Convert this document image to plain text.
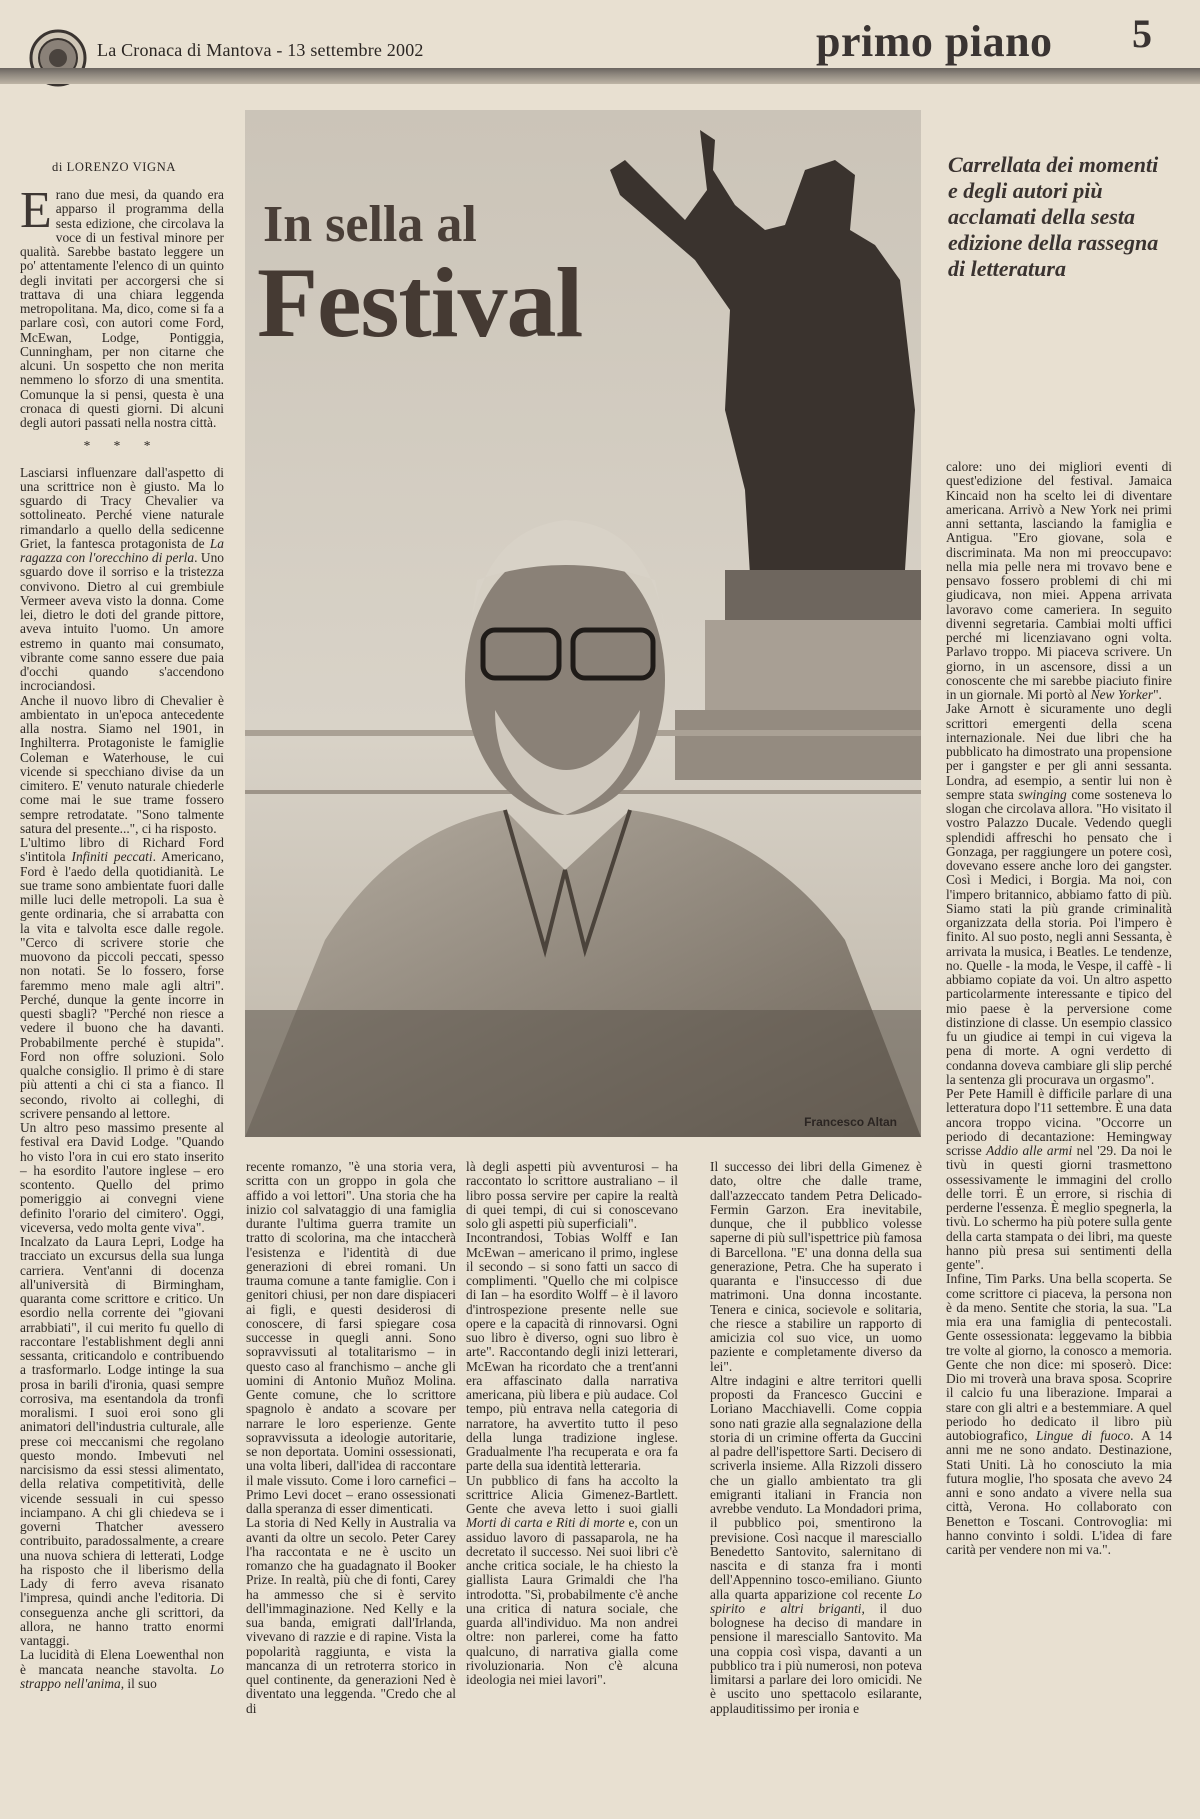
La Cronaca di Mantova - 13 settembre 2002	primo piano 5
di LORENZO VIGNA
In sella al
Festival
Francesco Altan
Carrellata dei momenti e degli autori più acclamati della sesta edizione della rassegna di letteratura

Erano due mesi, da quando era apparso il programma della sesta edizione, che circolava la voce di un festival minore per qualità. Sarebbe bastato leggere un po' attentamente l'elenco di un quinto degli invitati per accorgersi che si trattava di una chiara leggenda metropolitana. Ma, dico, come si fa a parlare così, con autori come Ford, McEwan, Lodge, Pontiggia, Cunningham, per non citarne che alcuni. Un sospetto che non merita nemmeno lo sforzo di una smentita. Comunque la si pensi, questa è una cronaca di questi giorni. Di alcuni degli autori passati nella nostra città.

* * *

Lasciarsi influenzare dall'aspetto di una scrittrice non è giusto. Ma lo sguardo di Tracy Chevalier va sottolineato. Perché viene naturale rimandarlo a quello della sedicenne Griet, la fantesca protagonista de La ragazza con l'orecchino di perla. Uno sguardo dove il sorriso e la tristezza convivono. Dietro al cui grembiule Vermeer aveva visto la donna. Come lei, dietro le doti del grande pittore, aveva intuito l'uomo. Un amore estremo in quanto mai consumato, vibrante come sanno essere due paia d'occhi quando s'accendono incrociandosi.

Anche il nuovo libro di Chevalier è ambientato in un'epoca antecedente alla nostra. Siamo nel 1901, in Inghilterra. Protagoniste le famiglie Coleman e Waterhouse, le cui vicende si specchiano divise da un cimitero. E' venuto naturale chiederle come mai le sue trame fossero sempre retrodatate. "Sono talmente satura del presente...", ci ha risposto.

L'ultimo libro di Richard Ford s'intitola Infiniti peccati. Americano, Ford è l'aedo della quotidianità. Le sue trame sono ambientate fuori dalle mille luci delle metropoli. La sua è gente ordinaria, che si arrabatta con la vita e talvolta esce dalle regole. "Cerco di scrivere storie che muovono da piccoli peccati, spesso non notati. Se lo fossero, forse faremmo meno male agli altri". Perché, dunque la gente incorre in questi sbagli? "Perché non riesce a vedere il buono che ha davanti. Probabilmente perché è stupida". Ford non offre soluzioni. Solo qualche consiglio. Il primo è di stare più attenti a chi ci sta a fianco. Il secondo, rivolto ai colleghi, di scrivere pensando al lettore.

Un altro peso massimo presente al festival era David Lodge. "Quando ho visto l'ora in cui ero stato inserito – ha esordito l'autore inglese – ero scontento. Quello del primo pomeriggio ai convegni viene definito l'orario del cimitero'. Oggi, viceversa, vedo molta gente viva".

Incalzato da Laura Lepri, Lodge ha tracciato un excursus della sua lunga carriera. Vent'anni di docenza all'università di Birmingham, quaranta come scrittore e critico. Un esordio nella corrente dei "giovani arrabbiati", il cui merito fu quello di raccontare l'establishment degli anni sessanta, criticandolo e contribuendo a trasformarlo. Lodge intinge la sua prosa in barili d'ironia, quasi sempre corrosiva, ma esentandola da tronfi moralismi. I suoi eroi sono gli animatori dell'industria culturale, alle prese coi meccanismi che regolano questo mondo. Imbevuti nel narcisismo da essi stessi alimentato, della relativa competitività, delle vicende sessuali in cui spesso inciampano. A chi gli chiedeva se i governi Thatcher avessero contribuito, paradossalmente, a creare una nuova schiera di letterati, Lodge ha risposto che il liberismo della Lady di ferro aveva risanato l'impresa, quindi anche l'editoria. Di conseguenza anche gli scrittori, da allora, ne hanno tratto enormi vantaggi.

La lucidità di Elena Loewenthal non è mancata neanche stavolta. Lo strappo nell'anima, il suo

recente romanzo, "è una storia vera, scritta con un groppo in gola che affido a voi lettori". Una storia che ha inizio col salvataggio di una famiglia durante l'ultima guerra tramite un tratto di scolorina, ma che intaccherà l'esistenza e l'identità di due generazioni di ebrei romani. Un trauma comune a tante famiglie. Con i genitori chiusi, per non dare dispiaceri ai figli, e questi desiderosi di conoscere, di farsi spiegare cosa successe in quegli anni. Sono sopravvissuti al totalitarismo – in questo caso al franchismo – anche gli uomini di Antonio Muñoz Molina. Gente comune, che lo scrittore spagnolo è andato a scovare per narrare le loro esperienze. Gente sopravvissuta a ideologie autoritarie, se non deportata. Uomini ossessionati, una volta liberi, dall'idea di raccontare il male vissuto. Come i loro carnefici – Primo Levi docet – erano ossessionati dalla speranza di esser dimenticati.

La storia di Ned Kelly in Australia va avanti da oltre un secolo. Peter Carey l'ha raccontata e ne è uscito un romanzo che ha guadagnato il Booker Prize. In realtà, più che di fonti, Carey ha ammesso che si è servito dell'immaginazione. Ned Kelly e la sua banda, emigrati dall'Irlanda, vivevano di razzie e di rapine. Vista la popolarità raggiunta, e vista la mancanza di un retroterra storico in quel continente, da generazioni Ned è diventato una leggenda. "Credo che al di

là degli aspetti più avventurosi – ha raccontato lo scrittore australiano – il libro possa servire per capire la realtà di quei tempi, di cui si conoscevano solo gli aspetti più superficiali".

Incontrandosi, Tobias Wolff e Ian McEwan – americano il primo, inglese il secondo – si sono fatti un sacco di complimenti. "Quello che mi colpisce di Ian – ha esordito Wolff – è il lavoro d'introspezione presente nelle sue opere e la capacità di rinnovarsi. Ogni suo libro è diverso, ogni suo libro è arte". Raccontando degli inizi letterari, McEwan ha ricordato che a trent'anni era affascinato dalla narrativa americana, più libera e più audace. Col tempo, più entrava nella categoria di narratore, ha avvertito tutto il peso della lunga tradizione inglese. Gradualmente l'ha recuperata e ora fa parte della sua identità letteraria.

Un pubblico di fans ha accolto la scrittrice Alicia Gimenez-Bartlett. Gente che aveva letto i suoi gialli Morti di carta e Riti di morte e, con un assiduo lavoro di passaparola, ne ha decretato il successo. Nei suoi libri c'è anche critica sociale, le ha chiesto la giallista Laura Grimaldi che l'ha introdotta. "Sì, probabilmente c'è anche una critica di natura sociale, che guarda all'individuo. Ma non andrei oltre: non parlerei, come ha fatto qualcuno, di narrativa gialla come rivoluzionaria. Non c'è alcuna ideologia nei miei lavori".

Il successo dei libri della Gimenez è dato, oltre che dalle trame, dall'azzeccato tandem Petra Delicado-Fermin Garzon. Era inevitabile, dunque, che il pubblico volesse saperne di più sull'ispettrice più famosa di Barcellona. "E' una donna della sua generazione, Petra. Che ha superato i quaranta e l'insuccesso di due matrimoni. Una donna incostante. Tenera e cinica, socievole e solitaria, che riesce a stabilire un rapporto di amicizia col suo vice, un uomo paziente e completamente diverso da lei".

Altre indagini e altre territori quelli proposti da Francesco Guccini e Loriano Macchiavelli. Come coppia sono nati grazie alla segnalazione della storia di un crimine offerta da Guccini al padre dell'ispettore Sarti. Decisero di scriverla insieme. Alla Rizzoli dissero che un giallo ambientato tra gli emigranti italiani in Francia non avrebbe venduto. La Mondadori prima, il pubblico poi, smentirono la previsione. Così nacque il maresciallo Benedetto Santovito, salernitano di nascita e di stanza fra i monti dell'Appennino tosco-emiliano. Giunto alla quarta apparizione col recente Lo spirito e altri briganti, il duo bolognese ha deciso di mandare in pensione il maresciallo Santovito. Ma una coppia così vispa, davanti a un pubblico tra i più numerosi, non poteva limitarsi a parlare dei loro omicidi. Ne è uscito uno spettacolo esilarante, applauditissimo per ironia e

calore: uno dei migliori eventi di quest'edizione del festival. Jamaica Kincaid non ha scelto lei di diventare americana. Arrivò a New York nei primi anni settanta, lasciando la famiglia e Antigua. "Ero giovane, sola e discriminata. Ma non mi preoccupavo: nella mia pelle nera mi trovavo bene e pensavo fossero problemi di chi mi giudicava, non miei. Appena arrivata lavoravo come cameriera. In seguito divenni segretaria. Cambiai molti uffici perché mi licenziavano ogni volta. Parlavo troppo. Mi piaceva scrivere. Un giorno, in un ascensore, dissi a un conoscente che mi sarebbe piaciuto finire in un giornale. Mi portò al New Yorker".

Jake Arnott è sicuramente uno degli scrittori emergenti della scena internazionale. Nei due libri che ha pubblicato ha dimostrato una propensione per i gangster e per gli anni sessanta. Londra, ad esempio, a sentir lui non è sempre stata swinging come sosteneva lo slogan che circolava allora. "Ho visitato il vostro Palazzo Ducale. Vedendo quegli splendidi affreschi ho pensato che i Gonzaga, per raggiungere un potere così, dovevano essere anche loro dei gangster. Così i Medici, i Borgia. Ma noi, con l'impero britannico, abbiamo fatto di più. Siamo stati la più grande criminalità organizzata della storia. Poi l'impero è finito. Al suo posto, negli anni Sessanta, è arrivata la musica, i Beatles. Le tendenze, no. Quelle - la moda, le Vespe, il caffè - li abbiamo copiate da voi. Un altro aspetto particolarmente interessante e tipico del mio paese è la perversione come distinzione di classe. Un esempio classico fu un giudice ai tempi in cui vigeva la pena di morte. A ogni verdetto di condanna doveva cambiare gli slip perché la sentenza gli procurava un orgasmo".

Per Pete Hamill è difficile parlare di una letteratura dopo l'11 settembre. È una data ancora troppo vicina. "Occorre un periodo di decantazione: Hemingway scrisse Addio alle armi nel '29. Da noi le tivù in questi giorni trasmettono ossessivamente le immagini del crollo delle torri. È un errore, si rischia di perderne l'essenza. È meglio spegnerla, la tivù. Lo schermo ha più potere sulla gente della carta stampata o dei libri, ma queste hanno più presa sui sentimenti della gente".

Infine, Tim Parks. Una bella scoperta. Se come scrittore ci piaceva, la persona non è da meno. Sentite che storia, la sua. "La mia era una famiglia di pentecostali. Gente ossessionata: leggevamo la bibbia tre volte al giorno, la conosco a memoria. Gente che non dice: mi sposerò. Dice: Dio mi troverà una brava sposa. Scoprire il calcio fu una liberazione. Imparai a stare con gli altri e a bestemmiare. A quel periodo ho dedicato il libro più autobiografico, Lingue di fuoco. A 14 anni me ne sono andato. Destinazione, Stati Uniti. Là ho conosciuto la mia futura moglie, l'ho sposata che avevo 24 anni e sono andato a vivere nella sua città, Verona. Ho collaborato con Benetton e Toscani. Controvoglia: mi hanno convinto i soldi. L'idea di fare carità per vendere non mi va.".
